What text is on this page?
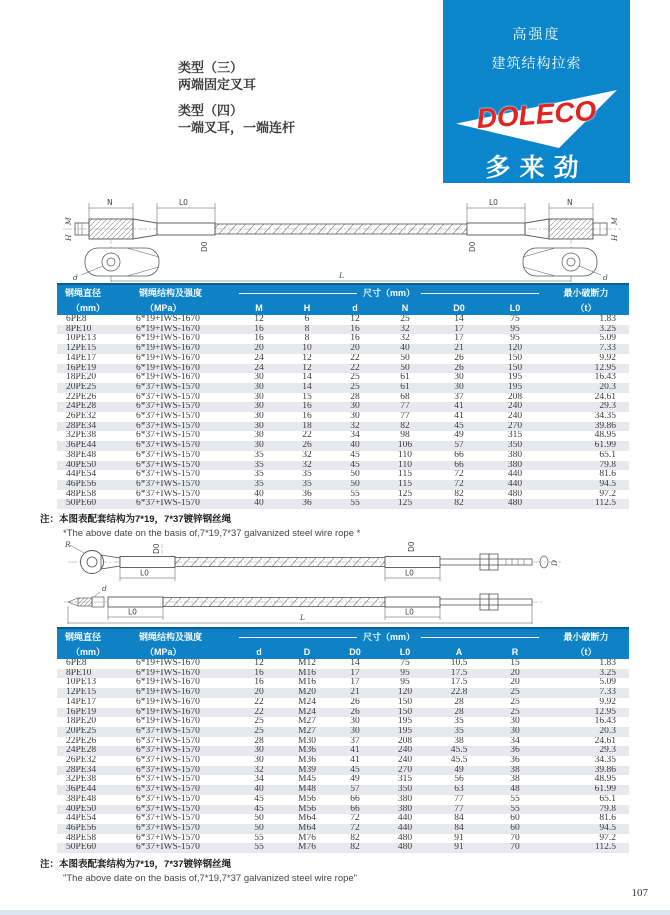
高强度
建筑结构拉索
DOLECO
多来劲
类型（三）
两端固定叉耳
类型（四）
一端叉耳，一端连杆
M
H
M
H
N	L0	L0	N
D0	D0
d	d
L
钢绳直径	钢绳结构及强度	尺寸（mm）						最小破断力
（mm）	（MPa）	M	H	d	N	D0	L0	（t）
6PE8	6*19+IWS-1670	12	6	12	25	14	75	1.83
8PE10	6*19+IWS-1670	16	8	16	32	17	95	3.25
10PE13	6*19+IWS-1670	16	8	16	32	17	95	5.09
12PE15	6*19+IWS-1670	20	10	20	40	21	120	7.33
14PE17	6*19+IWS-1670	24	12	22	50	26	150	9.92
16PE19	6*19+IWS-1670	24	12	22	50	26	150	12.95
18PE20	6*19+IWS-1670	30	14	25	61	30	195	16.43
20PE25	6*37+IWS-1570	30	14	25	61	30	195	20.3
22PE26	6*37+IWS-1570	30	15	28	68	37	208	24.61
24PE28	6*37+IWS-1570	30	16	30	77	41	240	29.3
26PE32	6*37+IWS-1570	30	16	30	77	41	240	34.35
28PE34	6*37+IWS-1570	30	18	32	82	45	270	39.86
32PE38	6*37+IWS-1570	30	22	34	98	49	315	48.95
36PE44	6*37+IWS-1570	30	26	40	106	57	350	61.99
38PE48	6*37+IWS-1570	35	32	45	110	66	380	65.1
40PE50	6*37+IWS-1570	35	32	45	110	66	380	79.8
44PE54	6*37+IWS-1570	35	35	50	115	72	440	81.6
46PE56	6*37+IWS-1570	35	35	50	115	72	440	94.5
48PE58	6*37+IWS-1570	40	36	55	125	82	480	97.2
50PE60	6*37+IWS-1570	40	36	55	125	82	480	112.5
注：本图表配套结构为7*19，7*37镀锌钢丝绳
*The above date on the basis of,7*19,7*37 galvanized steel wire rope *
R	D0
L0
D0
L0
D
d
L0	L0
L
钢绳直径	钢绳结构及强度	尺寸（mm）						最小破断力
（mm）	（MPa）	d	D	D0	L0	A	R	（t）
6PE8	6*19+IWS-1670	12	M12	14	75	10.5	15	1.83
8PE10	6*19+IWS-1670	16	M16	17	95	17.5	20	3.25
10PE13	6*19+IWS-1670	16	M16	17	95	17.5	20	5.09
12PE15	6*19+IWS-1670	20	M20	21	120	22.8	25	7.33
14PE17	6*19+IWS-1670	22	M24	26	150	28	25	9.92
16PE19	6*19+IWS-1670	22	M24	26	150	28	25	12.95
18PE20	6*19+IWS-1670	25	M27	30	195	35	30	16.43
20PE25	6*37+IWS-1570	25	M27	30	195	35	30	20.3
22PE26	6*37+IWS-1570	28	M30	37	208	38	34	24.61
24PE28	6*37+IWS-1570	30	M36	41	240	45.5	36	29.3
26PE32	6*37+IWS-1570	30	M36	41	240	45.5	36	34.35
28PE34	6*37+IWS-1570	32	M39	45	270	49	38	39.86
32PE38	6*37+IWS-1570	34	M45	49	315	56	38	48.95
36PE44	6*37+IWS-1570	40	M48	57	350	63	48	61.99
38PE48	6*37+IWS-1570	45	M56	66	380	77	55	65.1
40PE50	6*37+IWS-1570	45	M56	66	380	77	55	79.8
44PE54	6*37+IWS-1570	50	M64	72	440	84	60	81.6
46PE56	6*37+IWS-1570	50	M64	72	440	84	60	94.5
48PE58	6*37+IWS-1570	55	M76	82	480	91	70	97.2
50PE60	6*37+IWS-1570	55	M76	82	480	91	70	112.5
注：本图表配套结构为7*19，7*37镀锌钢丝绳
"The above date on the basis of,7*19,7*37 galvanized steel wire rope"
107
